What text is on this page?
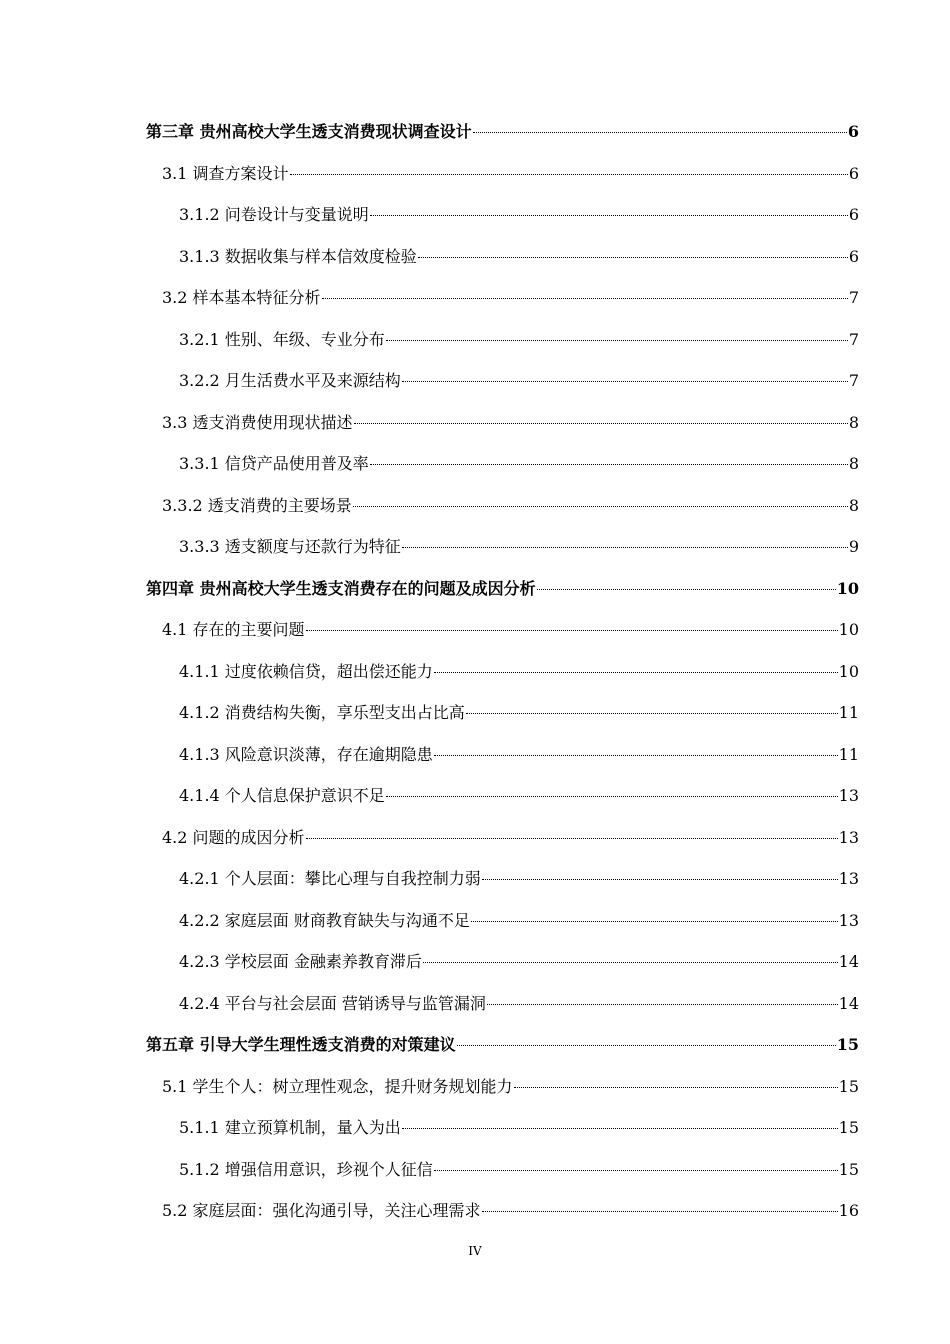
第三章 贵州高校大学生透支消费现状调查设计	6
3.1 调查方案设计	6
3.1.2 问卷设计与变量说明	6
3.1.3 数据收集与样本信效度检验	6
3.2 样本基本特征分析	7
3.2.1 性别、年级、专业分布	7
3.2.2 月生活费水平及来源结构	7
3.3 透支消费使用现状描述	8
3.3.1 信贷产品使用普及率	8
3.3.2 透支消费的主要场景	8
3.3.3 透支额度与还款行为特征	9
第四章 贵州高校大学生透支消费存在的问题及成因分析	10
4.1 存在的主要问题	10
4.1.1 过度依赖信贷，超出偿还能力	10
4.1.2 消费结构失衡，享乐型支出占比高	11
4.1.3 风险意识淡薄，存在逾期隐患	11
4.1.4 个人信息保护意识不足	13
4.2 问题的成因分析	13
4.2.1 个人层面：攀比心理与自我控制力弱	13
4.2.2 家庭层面 财商教育缺失与沟通不足	13
4.2.3 学校层面 金融素养教育滞后	14
4.2.4 平台与社会层面 营销诱导与监管漏洞	14
第五章 引导大学生理性透支消费的对策建议	15
5.1 学生个人：树立理性观念，提升财务规划能力	15
5.1.1 建立预算机制，量入为出	15
5.1.2 增强信用意识，珍视个人征信	15
5.2 家庭层面：强化沟通引导，关注心理需求	16
IV
